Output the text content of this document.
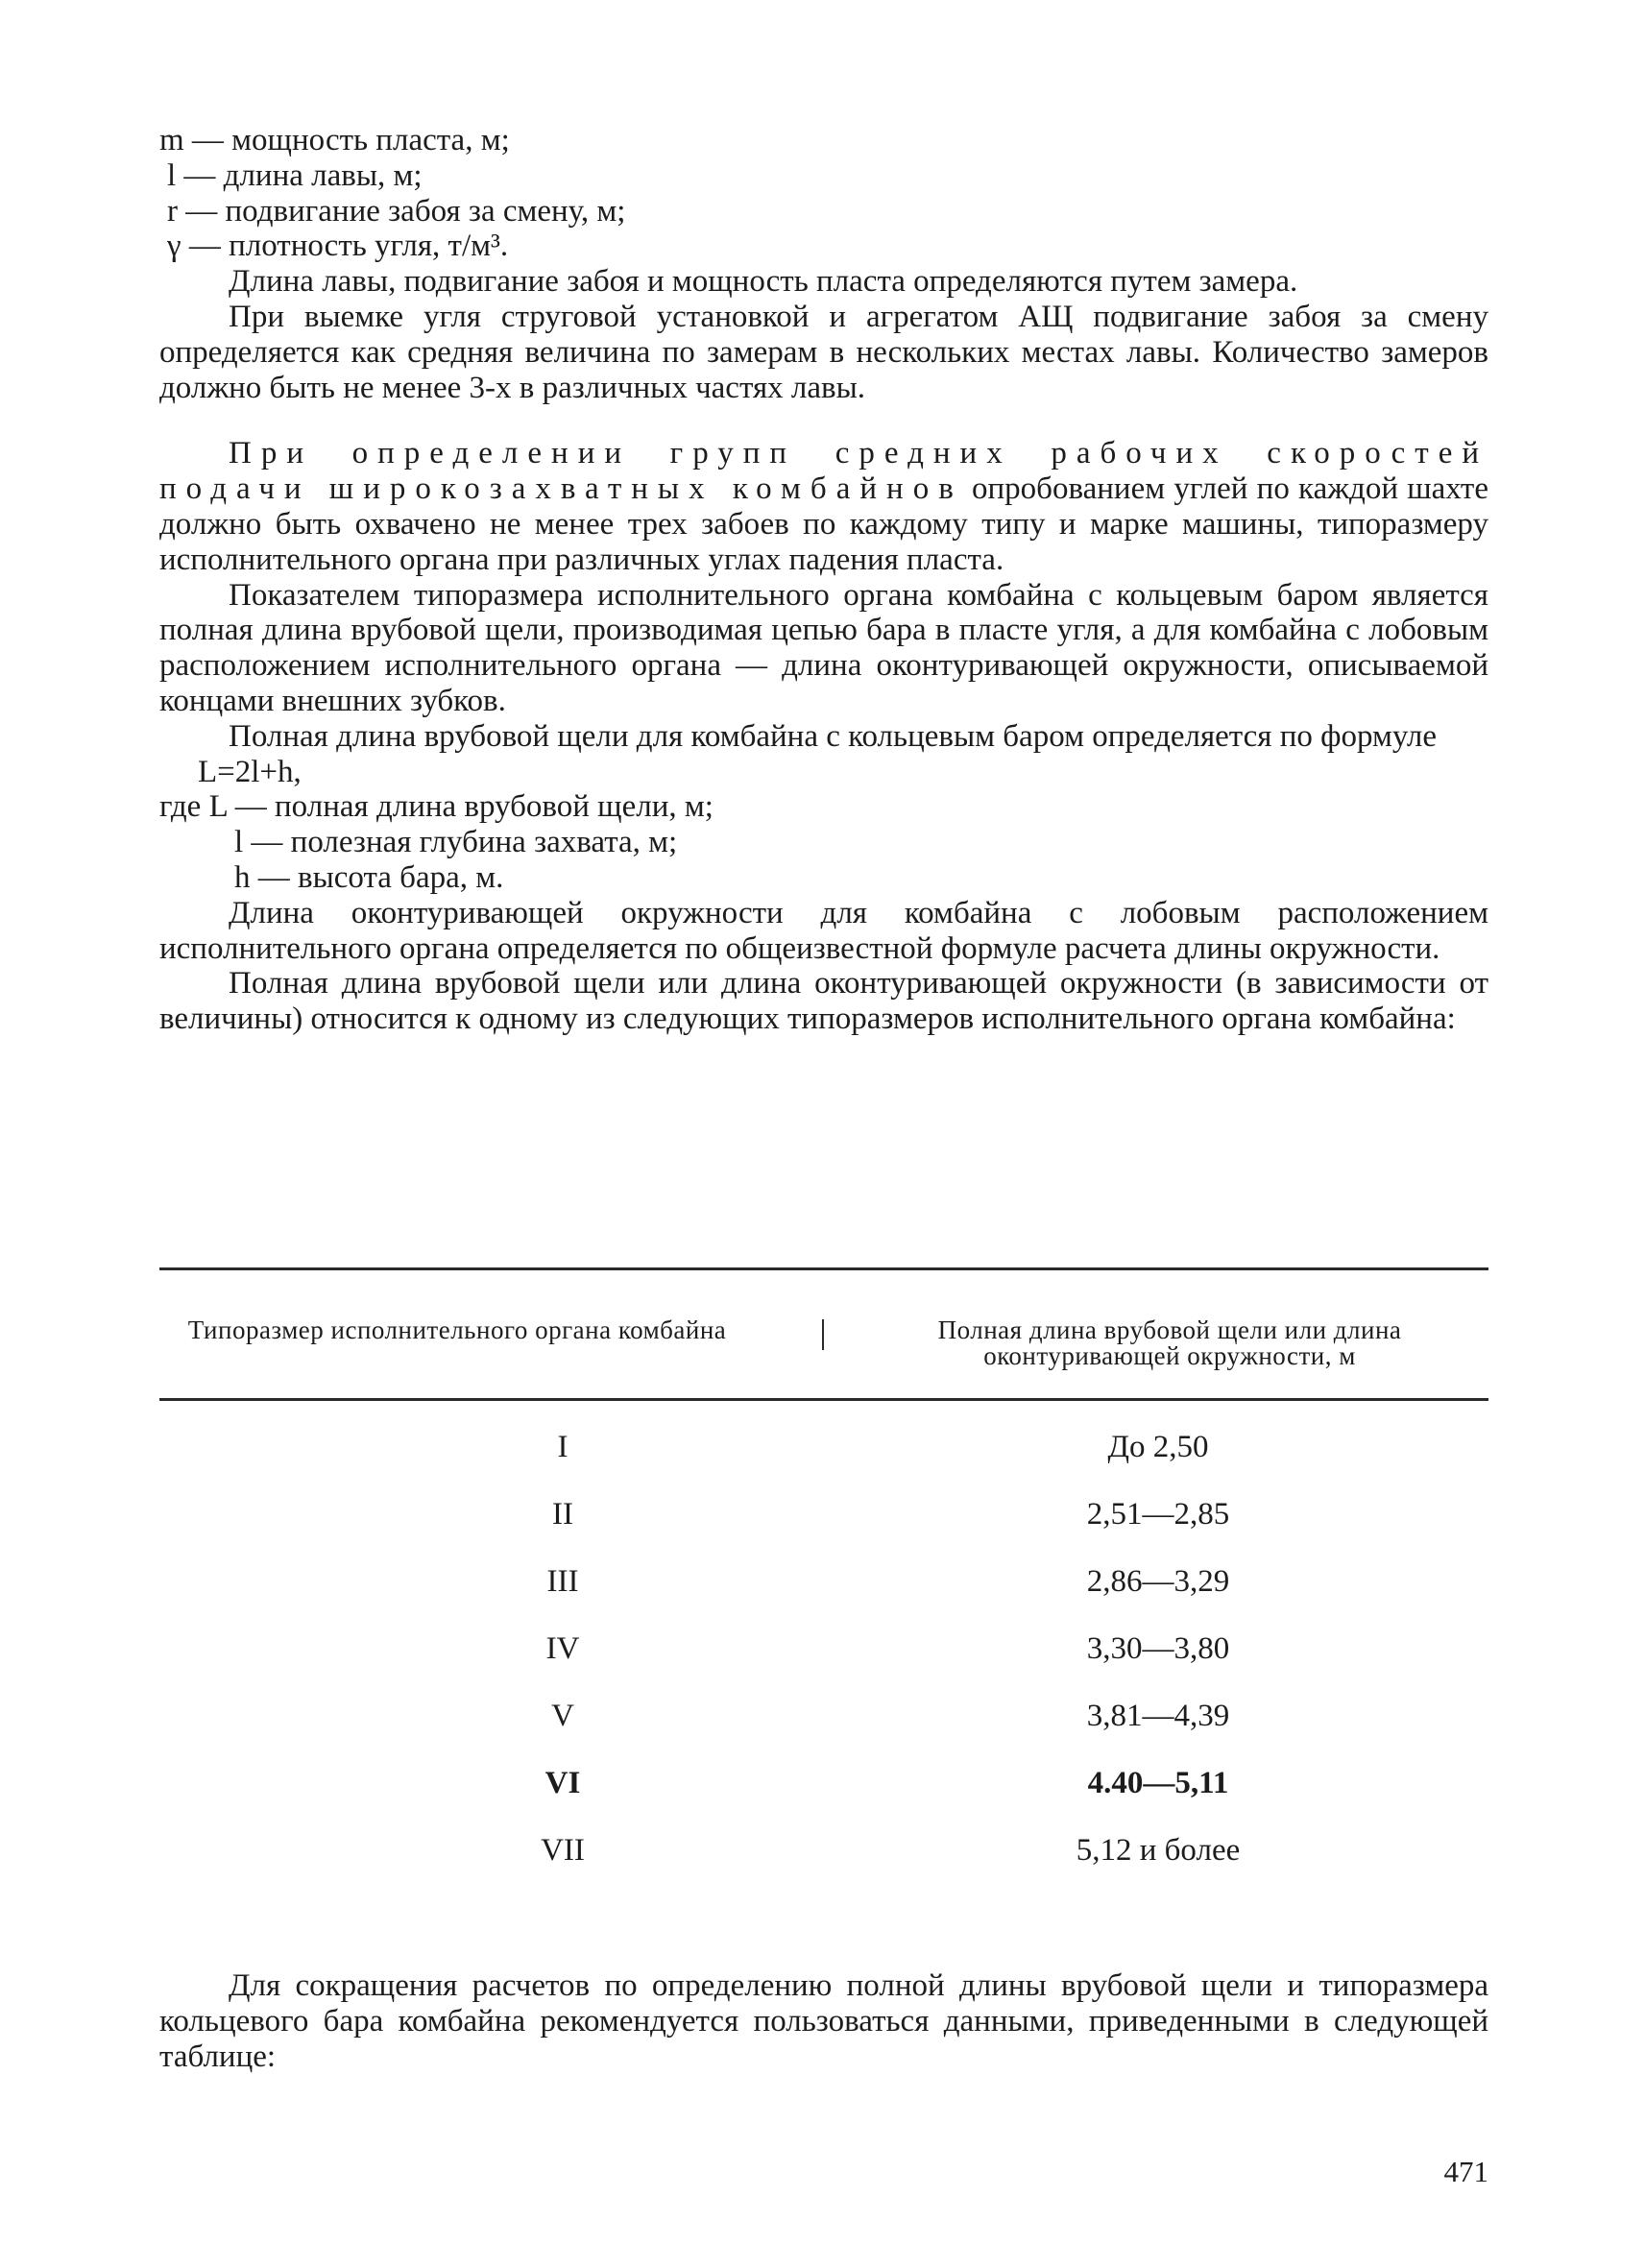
m — мощность пласта, м;
l — длина лавы, м;
r — подвигание забоя за смену, м;
γ — плотность угля, т/м³.

Длина лавы, подвигание забоя и мощность пласта определяются путем замера.

При выемке угля струговой установкой и агрегатом АЩ подвигание забоя за смену определяется как средняя величина по замерам в нескольких местах лавы. Количество замеров должно быть не менее 3-х в различных частях лавы.

При определении групп средних рабочих скоростей подачи широкозахватных комбайнов опробованием углей по каждой шахте должно быть охвачено не менее трех забоев по каждому типу и марке машины, типоразмеру исполнительного органа при различных углах падения пласта.

Показателем типоразмера исполнительного органа комбайна с кольцевым баром является полная длина врубовой щели, производимая цепью бара в пласте угля, а для комбайна с лобовым расположением исполнительного органа — длина оконтуривающей окружности, описываемой концами внешних зубков.

Полная длина врубовой щели для комбайна с кольцевым баром определяется по формуле

L=2l+h,

где L — полная длина врубовой щели, м;
l — полезная глубина захвата, м;
h — высота бара, м.

Длина оконтуривающей окружности для комбайна с лобовым расположением исполнительного органа определяется по общеизвестной формуле расчета длины окружности.

Полная длина врубовой щели или длина оконтуривающей окружности (в зависимости от величины) относится к одному из следующих типоразмеров исполнительного органа комбайна:

Типоразмер исполнительного органа комбайна	Полная длина врубовой щели или длина оконтуривающей окружности, м
I	До 2,50
II	2,51—2,85
III	2,86—3,29
IV	3,30—3,80
V	3,81—4,39
VI	4.40—5,11
VII	5,12 и более

Для сокращения расчетов по определению полной длины врубовой щели и типоразмера кольцевого бара комбайна рекомендуется пользоваться данными, приведенными в следующей таблице:

471
